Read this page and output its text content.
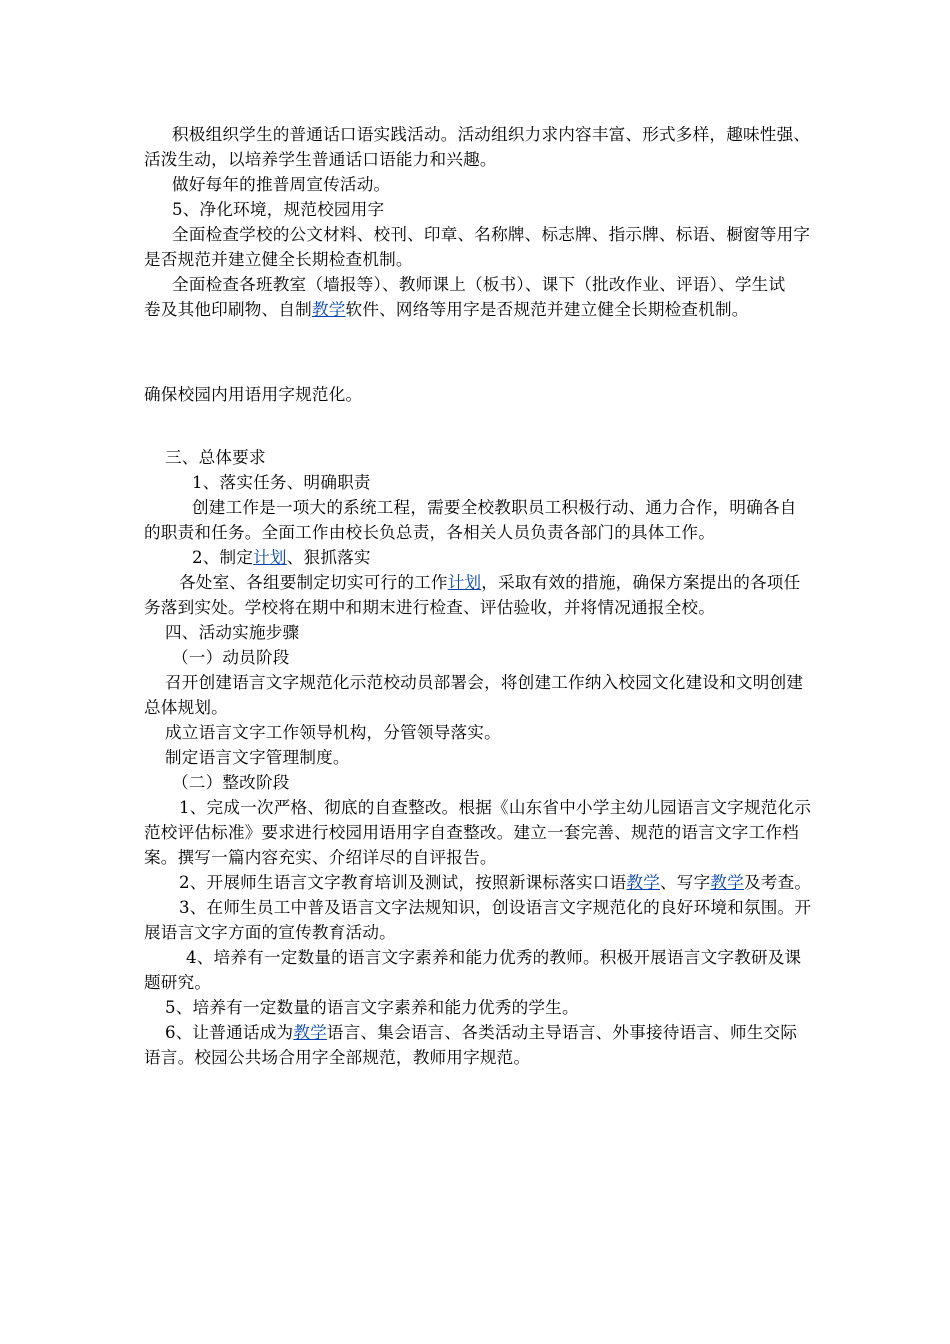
积极组织学生的普通话口语实践活动。活动组织力求内容丰富、形式多样，趣味性强、活泼生动，以培养学生普通话口语能力和兴趣。

做好每年的推普周宣传活动。

5、净化环境，规范校园用字

全面检查学校的公文材料、校刊、印章、名称牌、标志牌、指示牌、标语、橱窗等用字是否规范并建立健全长期检查机制。

全面检查各班教室（墙报等）、教师课上（板书）、课下（批改作业、评语）、学生试

卷及其他印刷物、自制教学软件、网络等用字是否规范并建立健全长期检查机制。

确保校园内用语用字规范化。

三、总体要求

1、落实任务、明确职责

创建工作是一项大的系统工程，需要全校教职员工积极行动、通力合作，明确各自的职责和任务。全面工作由校长负总责，各相关人员负责各部门的具体工作。

2、制定计划、狠抓落实

各处室、各组要制定切实可行的工作计划，采取有效的措施，确保方案提出的各项任务落到实处。学校将在期中和期末进行检查、评估验收，并将情况通报全校。

四、活动实施步骤

（一）动员阶段

召开创建语言文字规范化示范校动员部署会，将创建工作纳入校园文化建设和文明创建总体规划。

成立语言文字工作领导机构，分管领导落实。

制定语言文字管理制度。

（二）整改阶段

1、完成一次严格、彻底的自查整改。根据《山东省中小学主幼儿园语言文字规范化示范校评估标准》要求进行校园用语用字自查整改。建立一套完善、规范的语言文字工作档案。撰写一篇内容充实、介绍详尽的自评报告。

2、开展师生语言文字教育培训及测试，按照新课标落实口语教学、写字教学及考查。

3、在师生员工中普及语言文字法规知识，创设语言文字规范化的良好环境和氛围。开展语言文字方面的宣传教育活动。

4、培养有一定数量的语言文字素养和能力优秀的教师。积极开展语言文字教研及课题研究。

5、培养有一定数量的语言文字素养和能力优秀的学生。

6、让普通话成为教学语言、集会语言、各类活动主导语言、外事接待语言、师生交际语言。校园公共场合用字全部规范，教师用字规范。
